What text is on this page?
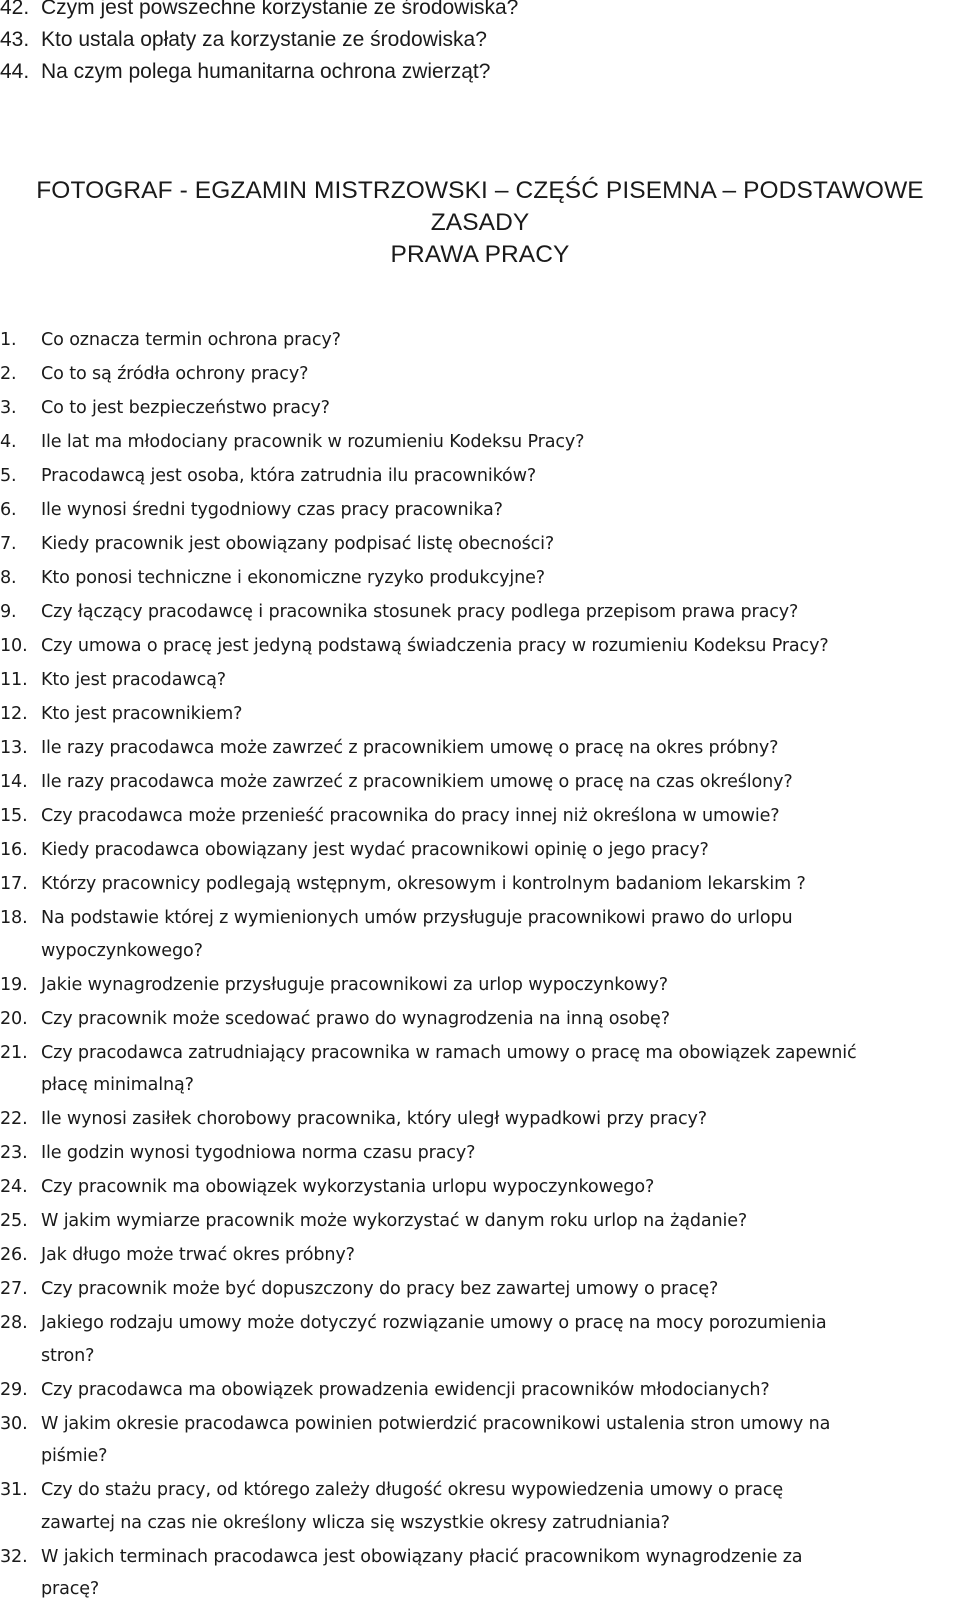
42. Czym jest powszechne korzystanie ze środowiska?
43. Kto ustala opłaty za korzystanie ze środowiska?
44. Na czym polega humanitarna ochrona zwierząt?
FOTOGRAF - EGZAMIN MISTRZOWSKI – CZĘŚĆ PISEMNA – PODSTAWOWE
ZASADY
PRAWA PRACY
1. Co oznacza termin ochrona pracy?
2. Co to są źródła ochrony pracy?
3. Co to jest bezpieczeństwo pracy?
4. Ile lat ma młodociany pracownik w rozumieniu Kodeksu Pracy?
5. Pracodawcą jest osoba, która zatrudnia ilu pracowników?
6. Ile wynosi średni tygodniowy czas pracy pracownika?
7. Kiedy pracownik jest obowiązany podpisać listę obecności?
8. Kto ponosi techniczne i ekonomiczne ryzyko produkcyjne?
9. Czy łączący pracodawcę i pracownika stosunek pracy podlega przepisom prawa pracy?
10. Czy umowa o pracę jest jedyną podstawą świadczenia pracy w rozumieniu Kodeksu Pracy?
11. Kto jest pracodawcą?
12. Kto jest pracownikiem?
13. Ile razy pracodawca może zawrzeć z pracownikiem umowę o pracę na okres próbny?
14. Ile razy pracodawca może zawrzeć z pracownikiem umowę o pracę na czas określony?
15. Czy pracodawca może przenieść pracownika do pracy innej niż określona w umowie?
16. Kiedy pracodawca obowiązany jest wydać pracownikowi opinię o jego pracy?
17. Którzy pracownicy podlegają wstępnym, okresowym i kontrolnym badaniom lekarskim ?
18. Na podstawie której z wymienionych umów przysługuje pracownikowi prawo do urlopu
wypoczynkowego?
19. Jakie wynagrodzenie przysługuje pracownikowi za urlop wypoczynkowy?
20. Czy pracownik może scedować prawo do wynagrodzenia na inną osobę?
21. Czy pracodawca zatrudniający pracownika w ramach umowy o pracę ma obowiązek zapewnić
płacę minimalną?
22. Ile wynosi zasiłek chorobowy pracownika, który uległ wypadkowi przy pracy?
23. Ile godzin wynosi tygodniowa norma czasu pracy?
24. Czy pracownik ma obowiązek wykorzystania urlopu wypoczynkowego?
25. W jakim wymiarze pracownik może wykorzystać w danym roku urlop na żądanie?
26. Jak długo może trwać okres próbny?
27. Czy pracownik może być dopuszczony do pracy bez zawartej umowy o pracę?
28. Jakiego rodzaju umowy może dotyczyć rozwiązanie umowy o pracę na mocy porozumienia
stron?
29. Czy pracodawca ma obowiązek prowadzenia ewidencji pracowników młodocianych?
30. W jakim okresie pracodawca powinien potwierdzić pracownikowi ustalenia stron umowy na
piśmie?
31. Czy do stażu pracy, od którego zależy długość okresu wypowiedzenia umowy o pracę
zawartej na czas nie określony wlicza się wszystkie okresy zatrudniania?
32. W jakich terminach pracodawca jest obowiązany płacić pracownikom wynagrodzenie za
pracę?
